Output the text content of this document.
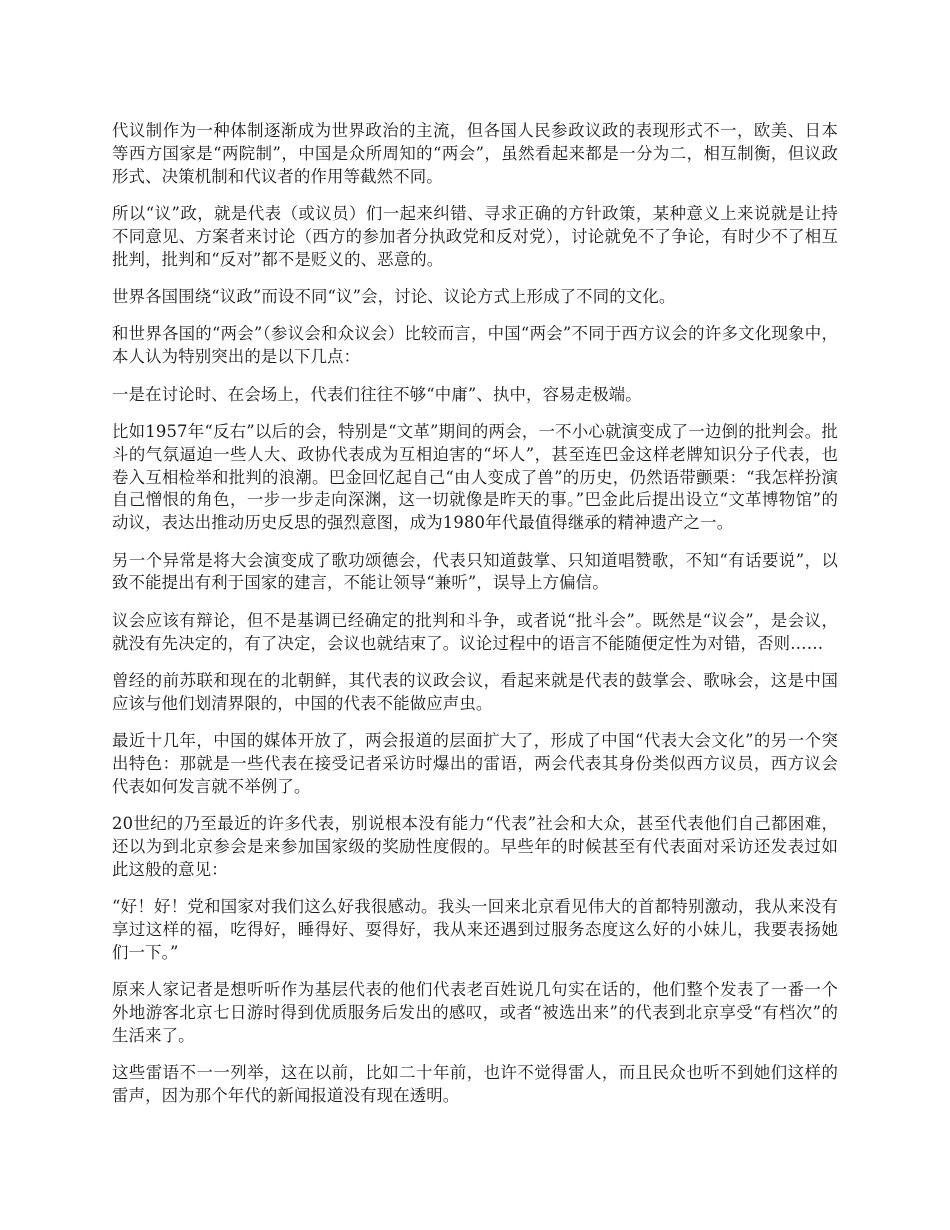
代议制作为一种体制逐渐成为世界政治的主流，但各国人民参政议政的表现形式不一，欧美、日本等西方国家是“两院制”，中国是众所周知的“两会”，虽然看起来都是一分为二，相互制衡，但议政形式、决策机制和代议者的作用等截然不同。

所以“议”政，就是代表（或议员）们一起来纠错、寻求正确的方针政策，某种意义上来说就是让持不同意见、方案者来讨论（西方的参加者分执政党和反对党），讨论就免不了争论，有时少不了相互批判，批判和“反对”都不是贬义的、恶意的。

世界各国围绕“议政”而设不同“议”会，讨论、议论方式上形成了不同的文化。

和世界各国的“两会”（参议会和众议会）比较而言，中国“两会”不同于西方议会的许多文化现象中，本人认为特别突出的是以下几点：

一是在讨论时、在会场上，代表们往往不够“中庸”、执中，容易走极端。

比如1957年“反右”以后的会，特别是“文革”期间的两会，一不小心就演变成了一边倒的批判会。批斗的气氛逼迫一些人大、政协代表成为互相迫害的“坏人”，甚至连巴金这样老牌知识分子代表，也卷入互相检举和批判的浪潮。巴金回忆起自己“由人变成了兽”的历史，仍然语带颤栗：“我怎样扮演自己憎恨的角色，一步一步走向深渊，这一切就像是昨天的事。”巴金此后提出设立“文革博物馆”的动议，表达出推动历史反思的强烈意图，成为1980年代最值得继承的精神遗产之一。

另一个异常是将大会演变成了歌功颂德会，代表只知道鼓掌、只知道唱赞歌，不知“有话要说”，以致不能提出有利于国家的建言，不能让领导“兼听”，误导上方偏信。

议会应该有辩论，但不是基调已经确定的批判和斗争，或者说“批斗会”。既然是“议会”，是会议，就没有先决定的，有了决定，会议也就结束了。议论过程中的语言不能随便定性为对错，否则……

曾经的前苏联和现在的北朝鲜，其代表的议政会议，看起来就是代表的鼓掌会、歌咏会，这是中国应该与他们划清界限的，中国的代表不能做应声虫。

最近十几年，中国的媒体开放了，两会报道的层面扩大了，形成了中国“代表大会文化”的另一个突出特色：那就是一些代表在接受记者采访时爆出的雷语，两会代表其身份类似西方议员，西方议会代表如何发言就不举例了。

20世纪的乃至最近的许多代表，别说根本没有能力“代表”社会和大众，甚至代表他们自己都困难，还以为到北京参会是来参加国家级的奖励性度假的。早些年的时候甚至有代表面对采访还发表过如此这般的意见：

“好！好！党和国家对我们这么好我很感动。我头一回来北京看见伟大的首都特别激动，我从来没有享过这样的福，吃得好，睡得好、耍得好，我从来还遇到过服务态度这么好的小妹儿，我要表扬她们一下。”

原来人家记者是想听听作为基层代表的他们代表老百姓说几句实在话的，他们整个发表了一番一个外地游客北京七日游时得到优质服务后发出的感叹，或者“被选出来”的代表到北京享受“有档次”的生活来了。

这些雷语不一一列举，这在以前，比如二十年前，也许不觉得雷人，而且民众也听不到她们这样的雷声，因为那个年代的新闻报道没有现在透明。
